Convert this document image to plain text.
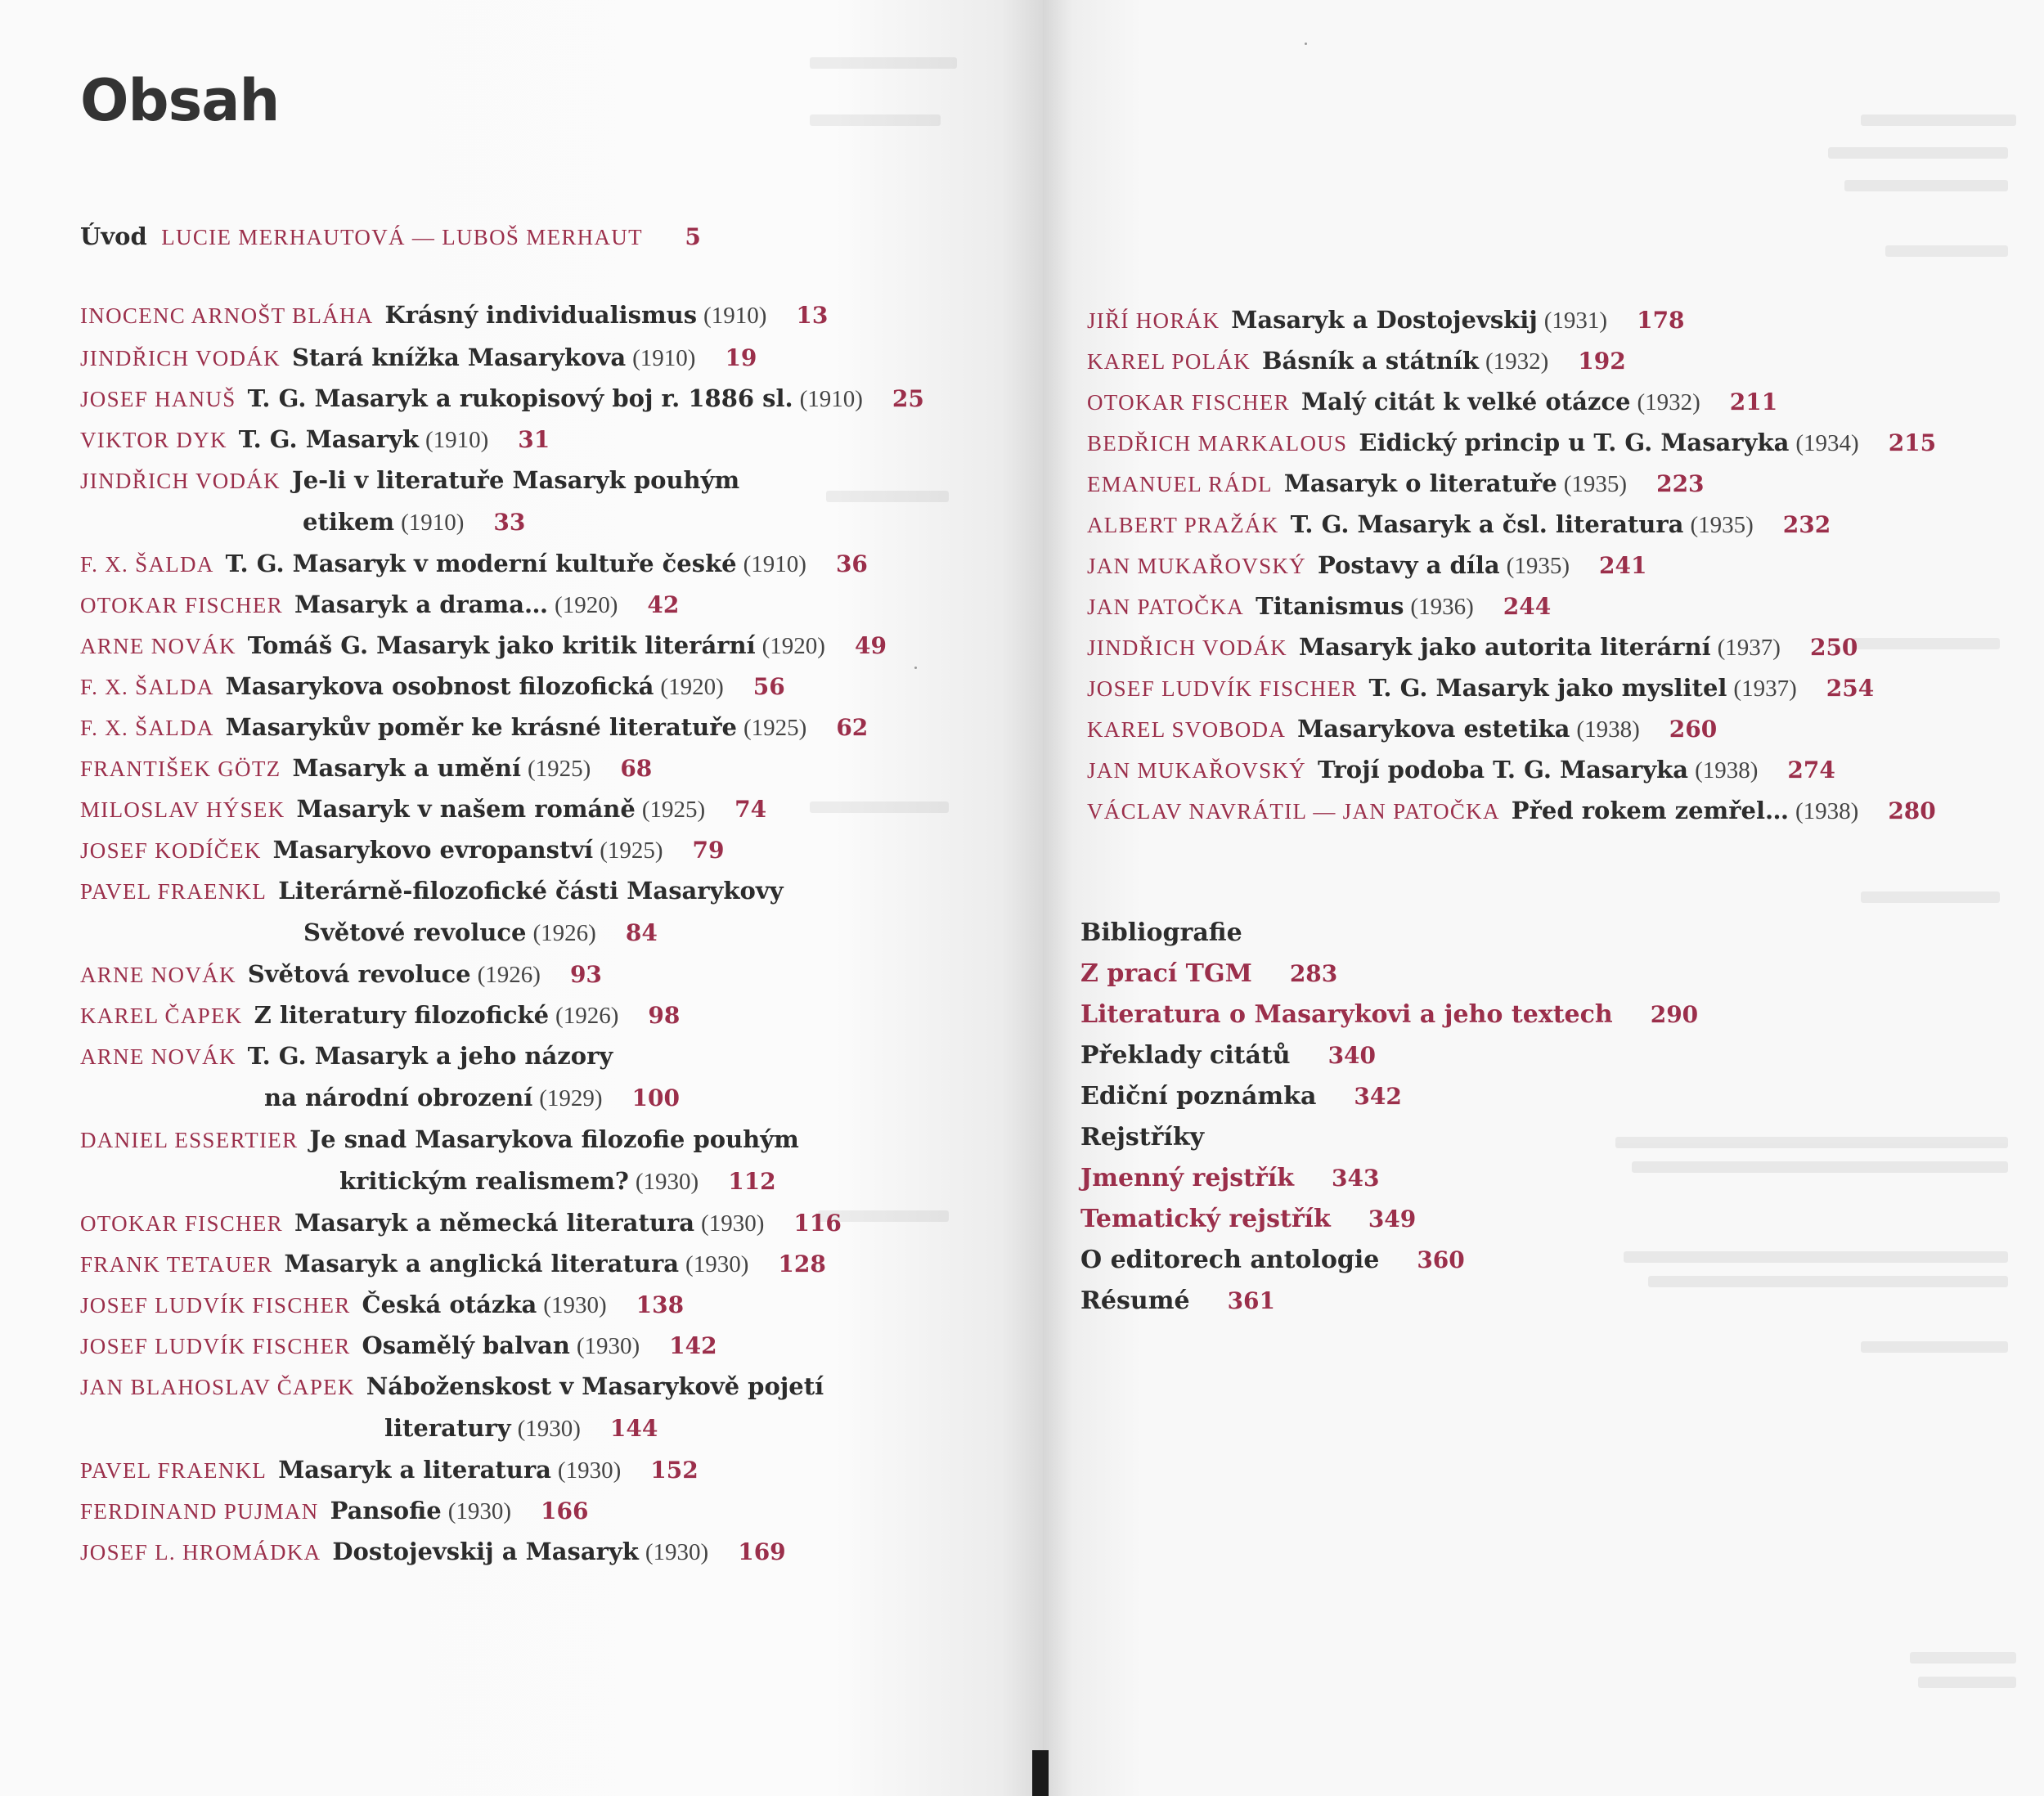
Obsah
Úvod LUCIE MERHAUTOVÁ — LUBOŠ MERHAUT 5
INOCENC ARNOŠT BLÁHA Krásný individualismus (1910) 13
JINDŘICH VODÁK Stará knížka Masarykova (1910) 19
JOSEF HANUŠ T. G. Masaryk a rukopisový boj r. 1886 sl. (1910) 25
VIKTOR DYK T. G. Masaryk (1910) 31
JINDŘICH VODÁK Je-li v literatuře Masaryk pouhým
etikem (1910) 33
F. X. ŠALDA T. G. Masaryk v moderní kultuře české (1910) 36
OTOKAR FISCHER Masaryk a drama… (1920) 42
ARNE NOVÁK Tomáš G. Masaryk jako kritik literární (1920) 49
F. X. ŠALDA Masarykova osobnost filozofická (1920) 56
F. X. ŠALDA Masarykův poměr ke krásné literatuře (1925) 62
FRANTIŠEK GÖTZ Masaryk a umění (1925) 68
MILOSLAV HÝSEK Masaryk v našem románě (1925) 74
JOSEF KODÍČEK Masarykovo evropanství (1925) 79
PAVEL FRAENKL Literárně-filozofické části Masarykovy
Světové revoluce (1926) 84
ARNE NOVÁK Světová revoluce (1926) 93
KAREL ČAPEK Z literatury filozofické (1926) 98
ARNE NOVÁK T. G. Masaryk a jeho názory
na národní obrození (1929) 100
DANIEL ESSERTIER Je snad Masarykova filozofie pouhým
kritickým realismem? (1930) 112
OTOKAR FISCHER Masaryk a německá literatura (1930) 116
FRANK TETAUER Masaryk a anglická literatura (1930) 128
JOSEF LUDVÍK FISCHER Česká otázka (1930) 138
JOSEF LUDVÍK FISCHER Osamělý balvan (1930) 142
JAN BLAHOSLAV ČAPEK Náboženskost v Masarykově pojetí
literatury (1930) 144
PAVEL FRAENKL Masaryk a literatura (1930) 152
FERDINAND PUJMAN Pansofie (1930) 166
JOSEF L. HROMÁDKA Dostojevskij a Masaryk (1930) 169
JIŘÍ HORÁK Masaryk a Dostojevskij (1931) 178
KAREL POLÁK Básník a státník (1932) 192
OTOKAR FISCHER Malý citát k velké otázce (1932) 211
BEDŘICH MARKALOUS Eidický princip u T. G. Masaryka (1934) 215
EMANUEL RÁDL Masaryk o literatuře (1935) 223
ALBERT PRAŽÁK T. G. Masaryk a čsl. literatura (1935) 232
JAN MUKAŘOVSKÝ Postavy a díla (1935) 241
JAN PATOČKA Titanismus (1936) 244
JINDŘICH VODÁK Masaryk jako autorita literární (1937) 250
JOSEF LUDVÍK FISCHER T. G. Masaryk jako myslitel (1937) 254
KAREL SVOBODA Masarykova estetika (1938) 260
JAN MUKAŘOVSKÝ Trojí podoba T. G. Masaryka (1938) 274
VÁCLAV NAVRÁTIL — JAN PATOČKA Před rokem zemřel… (1938) 280
Bibliografie
Z prací TGM 283
Literatura o Masarykovi a jeho textech 290
Překlady citátů 340
Ediční poznámka 342
Rejstříky
Jmenný rejstřík 343
Tematický rejstřík 349
O editorech antologie 360
Résumé 361
